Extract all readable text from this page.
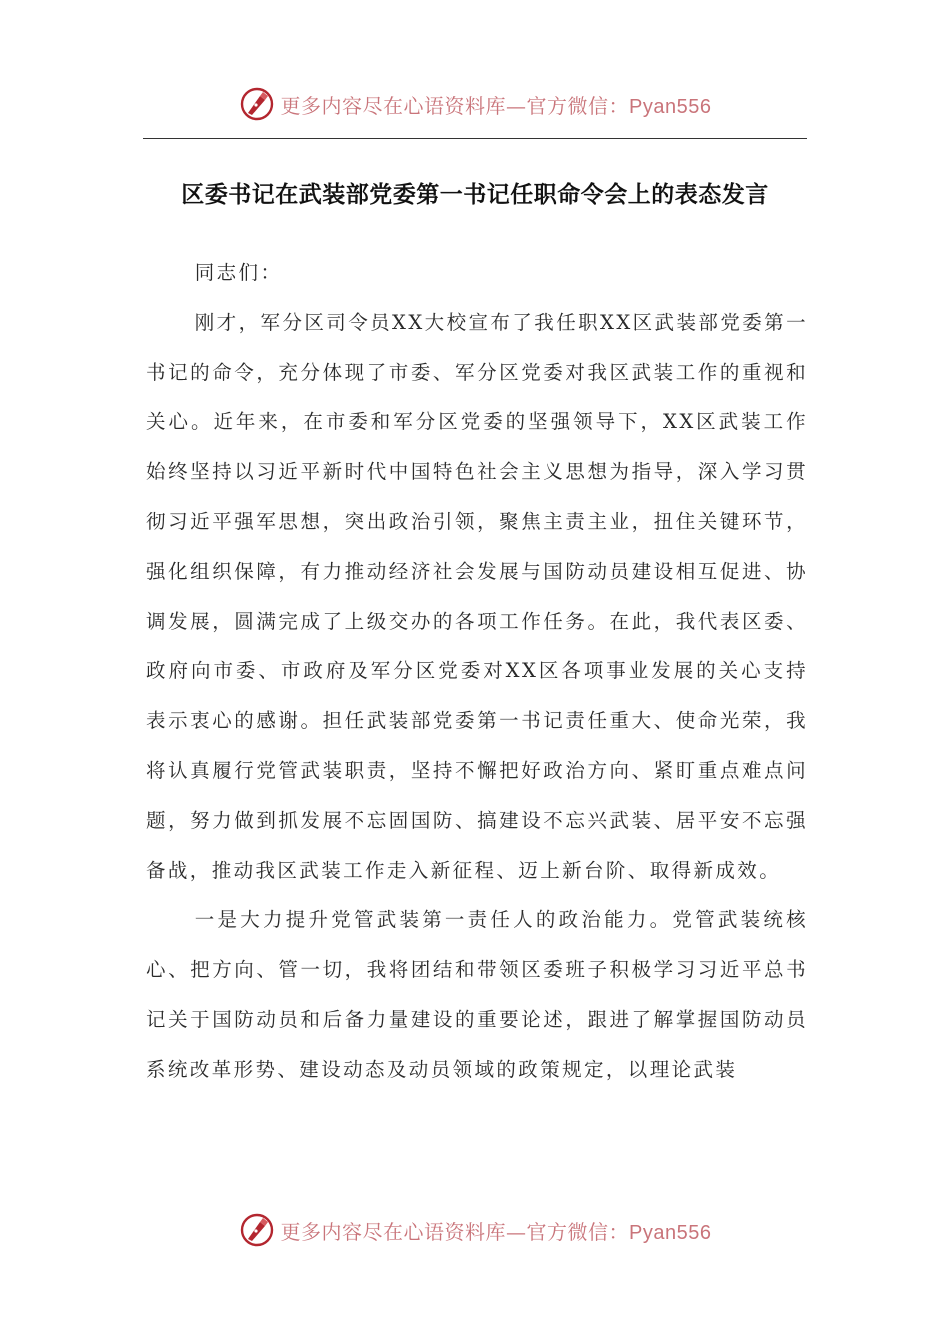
更多内容尽在心语资料库—官方微信：Pyan556
区委书记在武装部党委第一书记任职命令会上的表态发言

同志们：

刚才，军分区司令员XX大校宣布了我任职XX区武装部党委第一书记的命令，充分体现了市委、军分区党委对我区武装工作的重视和关心。近年来，在市委和军分区党委的坚强领导下，XX区武装工作始终坚持以习近平新时代中国特色社会主义思想为指导，深入学习贯彻习近平强军思想，突出政治引领，聚焦主责主业，扭住关键环节，强化组织保障，有力推动经济社会发展与国防动员建设相互促进、协调发展，圆满完成了上级交办的各项工作任务。在此，我代表区委、政府向市委、市政府及军分区党委对XX区各项事业发展的关心支持表示衷心的感谢。担任武装部党委第一书记责任重大、使命光荣，我将认真履行党管武装职责，坚持不懈把好政治方向、紧盯重点难点问题，努力做到抓发展不忘固国防、搞建设不忘兴武装、居平安不忘强备战，推动我区武装工作走入新征程、迈上新台阶、取得新成效。

一是大力提升党管武装第一责任人的政治能力。党管武装统核心、把方向、管一切，我将团结和带领区委班子积极学习习近平总书记关于国防动员和后备力量建设的重要论述，跟进了解掌握国防动员系统改革形势、建设动态及动员领域的政策规定，以理论武装

更多内容尽在心语资料库—官方微信：Pyan556
